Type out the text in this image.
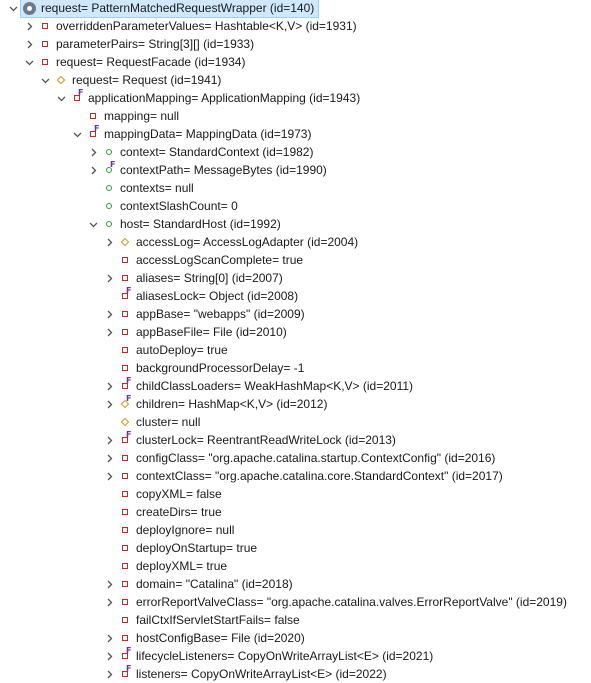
request= PatternMatchedRequestWrapper (id=140)
overriddenParameterValues= Hashtable<K,V> (id=1931)
parameterPairs= String[3][] (id=1933)
request= RequestFacade (id=1934)
request= Request (id=1941)
F applicationMapping= ApplicationMapping (id=1943)
mapping= null
F mappingData= MappingData (id=1973)
context= StandardContext (id=1982)
F contextPath= MessageBytes (id=1990)
contexts= null
contextSlashCount= 0
host= StandardHost (id=1992)
accessLog= AccessLogAdapter (id=2004)
accessLogScanComplete= true
aliases= String[0] (id=2007)
F aliasesLock= Object (id=2008)
appBase= "webapps" (id=2009)
appBaseFile= File (id=2010)
autoDeploy= true
backgroundProcessorDelay= -1
F childClassLoaders= WeakHashMap<K,V> (id=2011)
F children= HashMap<K,V> (id=2012)
cluster= null
F clusterLock= ReentrantReadWriteLock (id=2013)
configClass= "org.apache.catalina.startup.ContextConfig" (id=2016)
contextClass= "org.apache.catalina.core.StandardContext" (id=2017)
copyXML= false
createDirs= true
deployIgnore= null
deployOnStartup= true
deployXML= true
domain= "Catalina" (id=2018)
errorReportValveClass= "org.apache.catalina.valves.ErrorReportValve" (id=2019)
failCtxIfServletStartFails= false
hostConfigBase= File (id=2020)
F lifecycleListeners= CopyOnWriteArrayList<E> (id=2021)
F listeners= CopyOnWriteArrayList<E> (id=2022)
